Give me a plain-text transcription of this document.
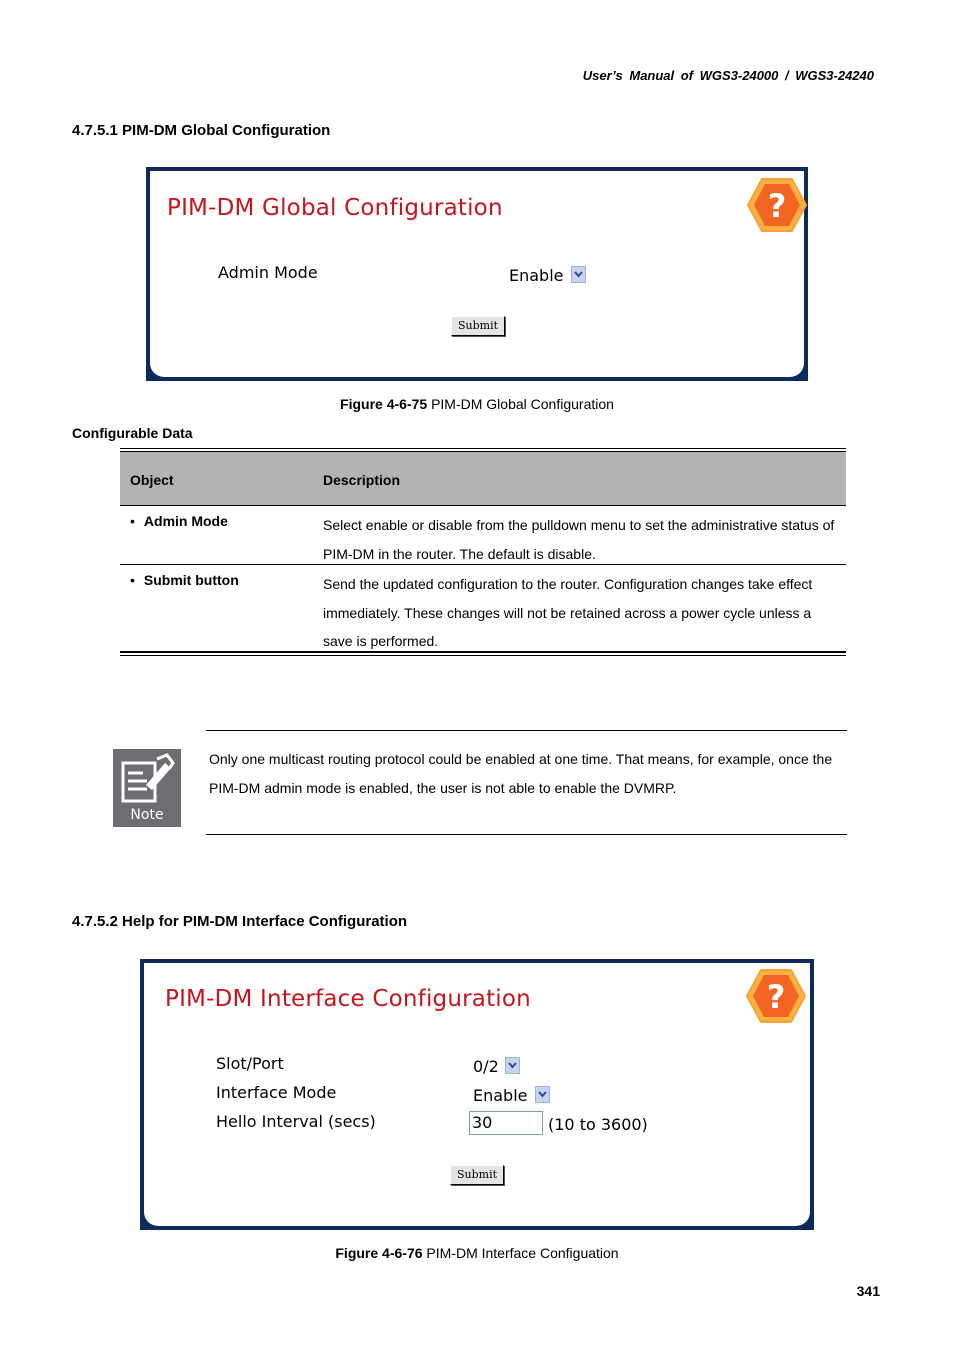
User’s Manual of WGS3-24000 / WGS3-24240
4.7.5.1 PIM-DM Global Configuration
PIM-DM Global Configuration	?
Admin Mode	Enable
Submit
Figure 4-6-75 PIM-DM Global Configuration
Configurable Data
Object	Description
• Admin Mode	Select enable or disable from the pulldown menu to set the administrative status of PIM-DM in the router. The default is disable.
• Submit button	Send the updated configuration to the router. Configuration changes take effect immediately. These changes will not be retained across a power cycle unless a save is performed.
Note
Only one multicast routing protocol could be enabled at one time. That means, for example, once the PIM-DM admin mode is enabled, the user is not able to enable the DVMRP.
4.7.5.2 Help for PIM-DM Interface Configuration
PIM-DM Interface Configuration	?
Slot/Port	0/2
Interface Mode	Enable
Hello Interval (secs)	30	(10 to 3600)
Submit
Figure 4-6-76 PIM-DM Interface Configuation
341
